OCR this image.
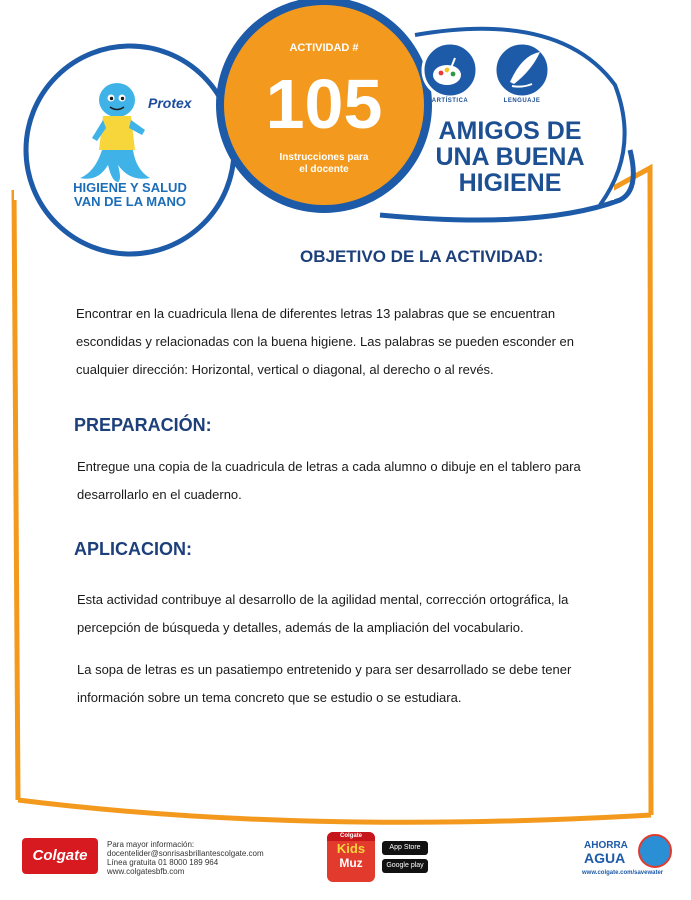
Protex
HIGIENE Y SALUD
VAN DE LA MANO
ACTIVIDAD #
105
Instrucciones para
el docente
ARTÍSTICA	LENGUAJE
AMIGOS DE
UNA BUENA
HIGIENE
OBJETIVO DE LA ACTIVIDAD:
Encontrar en la cuadricula llena de diferentes letras 13 palabras que se encuentran
escondidas y relacionadas con la buena higiene. Las palabras se pueden esconder en
cualquier dirección: Horizontal, vertical o diagonal, al derecho o al revés.
PREPARACIÓN:
Entregue una copia de la cuadricula de letras a cada alumno o dibuje en el tablero para
desarrollarlo en el cuaderno.
APLICACION:
Esta actividad contribuye al desarrollo de la agilidad mental, corrección ortográfica, la
percepción de búsqueda y detalles, además de la ampliación del vocabulario.
La sopa de letras es un pasatiempo entretenido y para ser desarrollado se debe tener
información sobre un tema concreto que se estudio o se estudiara.
Colgate
Para mayor información:
docentelider@sonrisasbrillantescolgate.com
Línea gratuita 01 8000 189 964
www.colgatesbfb.com
Colgate
Kids
Muz
App Store
Google play
AHORRA
AGUA
www.colgate.com/savewater
